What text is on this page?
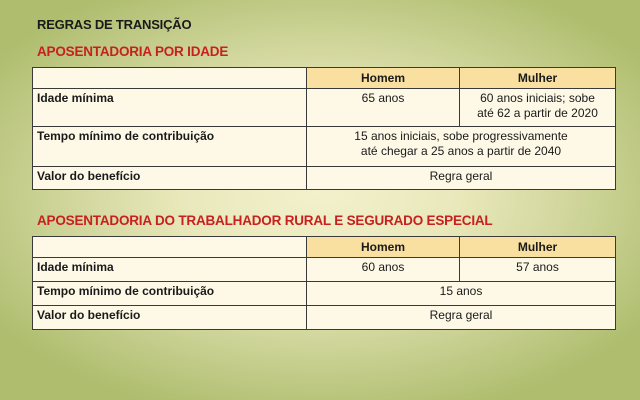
REGRAS DE TRANSIÇÃO
APOSENTADORIA POR IDADE
	Homem	Mulher
Idade mínima	65 anos	60 anos iniciais; sobe
até 62 a partir de 2020

Tempo mínimo de contribuição	15 anos iniciais, sobe progressivamente
até chegar a 25 anos a partir de 2040	

Valor do benefício	Regra geral	
APOSENTADORIA DO TRABALHADOR RURAL E SEGURADO ESPECIAL
	Homem	Mulher
Idade mínima	60 anos	57 anos
Tempo mínimo de contribuição	15 anos	
Valor do benefício	Regra geral	
